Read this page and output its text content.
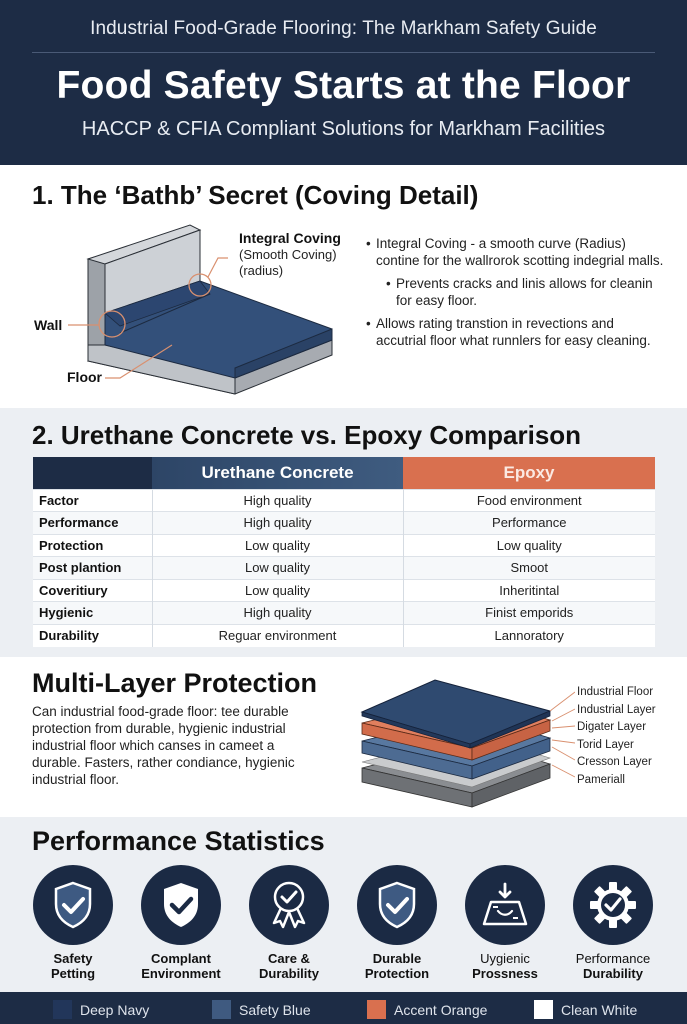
Industrial Food-Grade Flooring: The Markham Safety Guide
Food Safety Starts at the Floor
HACCP & CFIA Compliant Solutions for Markham Facilities
1. The ‘Bathb’ Secret (Coving Detail)
Integral Coving
(Smooth Coving)
(radius)
Wall
Floor
• Integral Coving - a smooth curve (Radius) contine for the wallrorok scotting indegrial malls.
• Prevents cracks and linis allows for cleanin for easy floor.
• Allows rating transtion in revections and accutrial floor what runnlers for easy cleaning.
2. Urethane Concrete vs. Epoxy Comparison
	Urethane Concrete	Epoxy
Factor	High quality	Food environment
Performance	High quality	Performance
Protection	Low quality	Low quality
Post plantion	Low quality	Smoot
Coveritiury	Low quality	Inheritintal
Hygienic	High quality	Finist emporids
Durability	Reguar environment	Lannoratory
Multi-Layer Protection
Can industrial food-grade floor: tee durable protection from durable, hygienic industrial industrial floor which canses in cameet a durable. Fasters, rather condiance, hygienic industrial floor.
Industrial Floor
Industrial Layer
Digater Layer
Torid Layer
Cresson Layer
Pameriall
Performance Statistics
Safety
Petting
Complant
Environment
Care &
Durability
Durable
Protection
Uygienic
Prossness
Performance
Durability
Deep Navy	Safety Blue	Accent Orange	Clean White
